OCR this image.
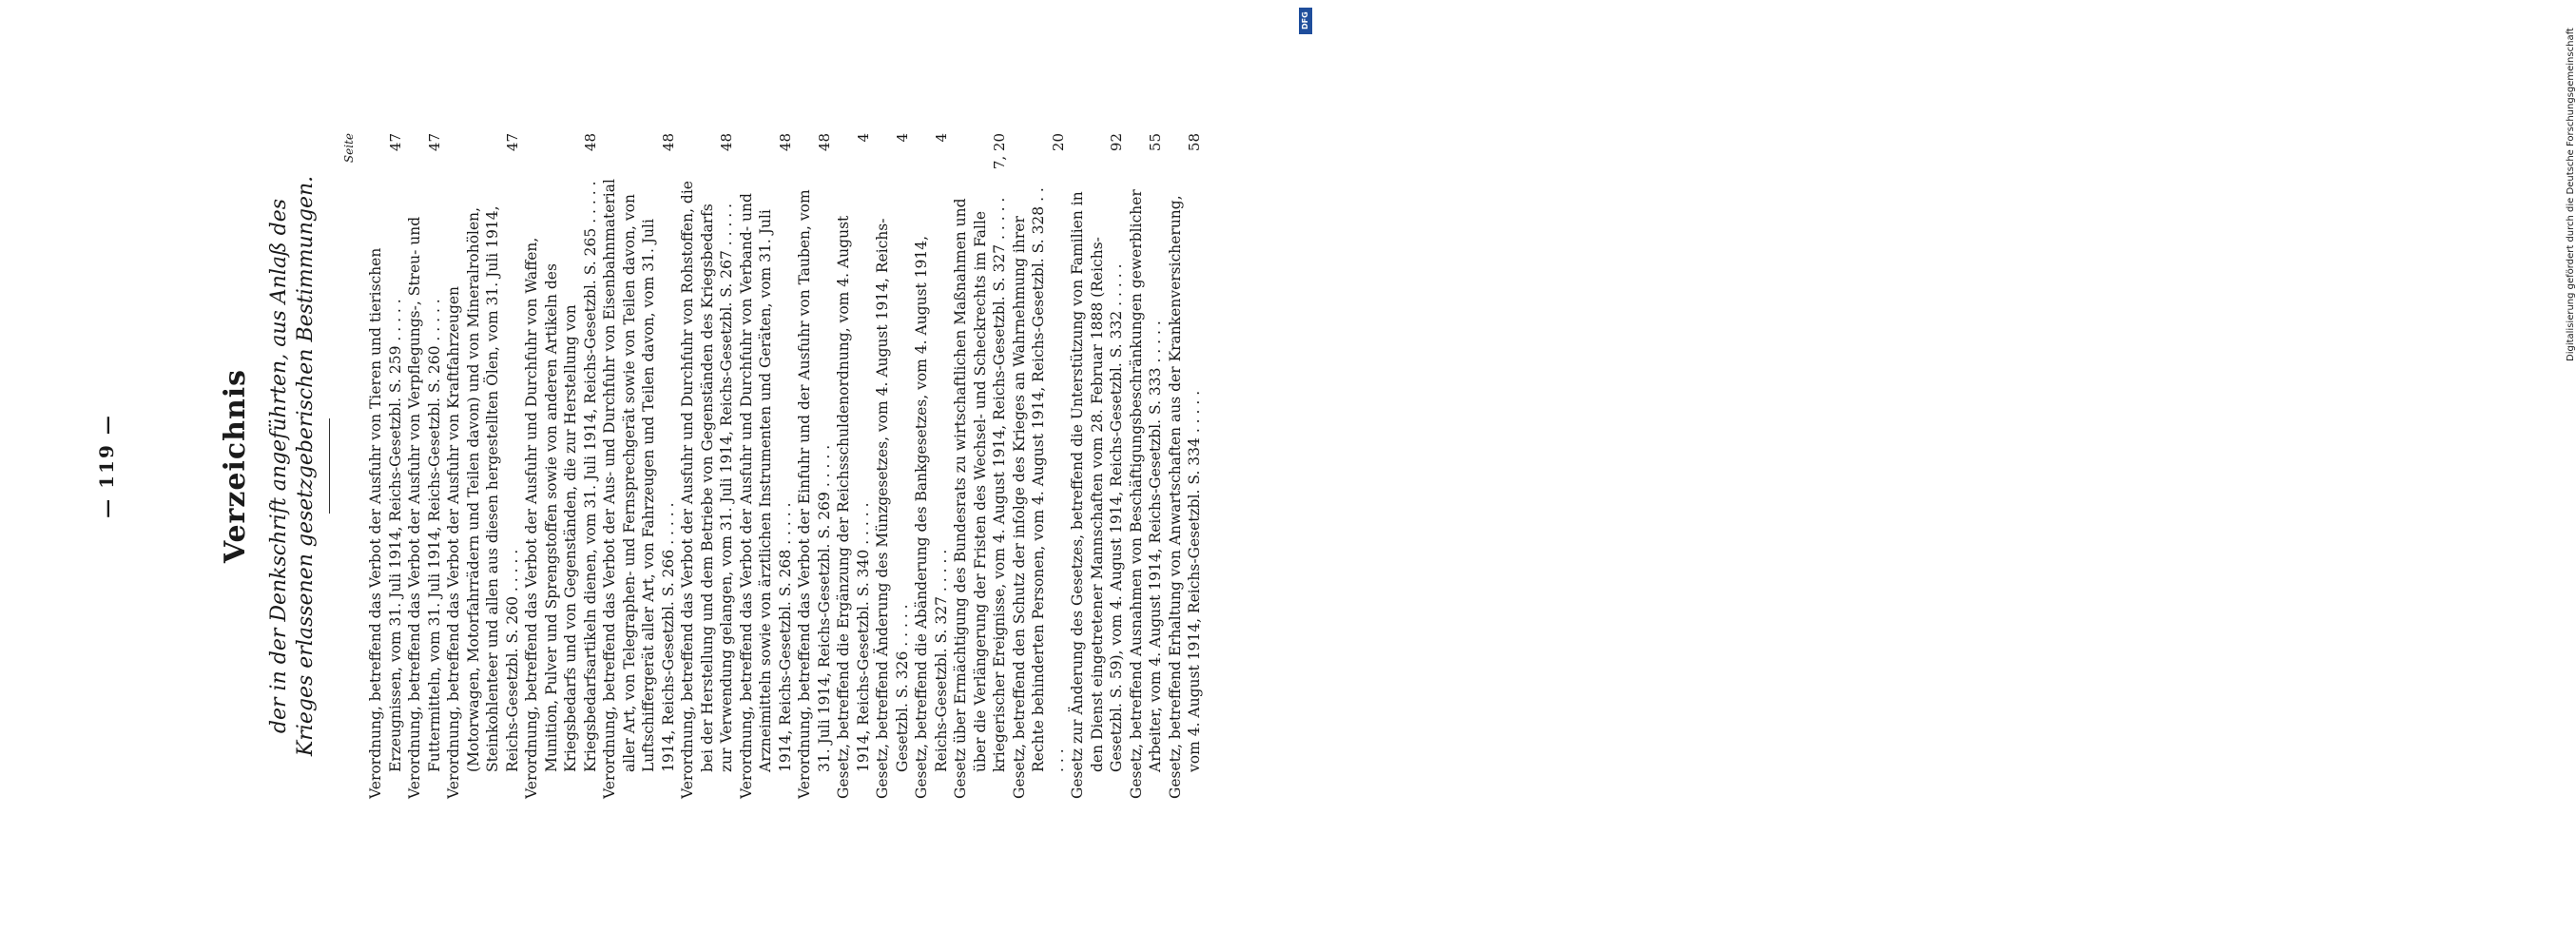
— 119 —	Verzeichnis der in der Denkschrift angeführten, aus Anlaß des Krieges erlassenen gesetzgeberischen Bestimmungen.
Seite
Verordnung, betreffend das Verbot der Ausfuhr von Tieren und tierischen Erzeugnissen, vom 31. Juli 1914, Reichs-Gesetzbl. S. 259 . . . . .
47
Verordnung, betreffend das Verbot der Ausfuhr von Verpflegungs-, Streu- und Futtermitteln, vom 31. Juli 1914, Reichs-Gesetzbl. S. 260 . . . . .
47
Verordnung, betreffend das Verbot der Ausfuhr von Kraftfahrzeugen (Motorwagen, Motorfahrrädern und Teilen davon) und von Mineralrohölen, Steinkohlenteer und allen aus diesen hergestellten Ölen, vom 31. Juli 1914, Reichs-Gesetzbl. S. 260 . . . . .
47
Verordnung, betreffend das Verbot der Ausfuhr und Durchfuhr von Waffen, Munition, Pulver und Sprengstoffen sowie von anderen Artikeln des Kriegsbedarfs und von Gegenständen, die zur Herstellung von Kriegsbedarfsartikeln dienen, vom 31. Juli 1914, Reichs-Gesetzbl. S. 265 . . . . .
48
Verordnung, betreffend das Verbot der Aus- und Durchfuhr von Eisenbahnmaterial aller Art, von Telegraphen- und Fernsprechgerät sowie von Teilen davon, von Luftschiffergerät aller Art, von Fahrzeugen und Teilen davon, vom 31. Juli 1914, Reichs-Gesetzbl. S. 266 . . . . .
48
Verordnung, betreffend das Verbot der Ausfuhr und Durchfuhr von Rohstoffen, die bei der Herstellung und dem Betriebe von Gegenständen des Kriegsbedarfs zur Verwendung gelangen, vom 31. Juli 1914, Reichs-Gesetzbl. S. 267 . . . . .
48
Verordnung, betreffend das Verbot der Ausfuhr und Durchfuhr von Verband- und Arzneimitteln sowie von ärztlichen Instrumenten und Geräten, vom 31. Juli 1914, Reichs-Gesetzbl. S. 268 . . . . .
48
Verordnung, betreffend das Verbot der Einfuhr und der Ausfuhr von Tauben, vom 31. Juli 1914, Reichs-Gesetzbl. S. 269 . . . . .
48
Gesetz, betreffend die Ergänzung der Reichsschuldenordnung, vom 4. August 1914, Reichs-Gesetzbl. S. 340 . . . . .
4
Gesetz, betreffend Änderung des Münzgesetzes, vom 4. August 1914, Reichs-Gesetzbl. S. 326 . . . . .
4
Gesetz, betreffend die Abänderung des Bankgesetzes, vom 4. August 1914, Reichs-Gesetzbl. S. 327 . . . . .
4
Gesetz über Ermächtigung des Bundesrats zu wirtschaftlichen Maßnahmen und über die Verlängerung der Fristen des Wechsel- und Scheckrechts im Falle kriegerischer Ereignisse, vom 4. August 1914, Reichs-Gesetzbl. S. 327 . . . . .
7, 20
Gesetz, betreffend den Schutz der infolge des Krieges an Wahrnehmung ihrer Rechte behinderten Personen, vom 4. August 1914, Reichs-Gesetzbl. S. 328 . . . . .
20
Gesetz zur Änderung des Gesetzes, betreffend die Unterstützung von Familien in den Dienst eingetretener Mannschaften vom 28. Februar 1888 (Reichs-Gesetzbl. S. 59), vom 4. August 1914, Reichs-Gesetzbl. S. 332 . . . . .
92
Gesetz, betreffend Ausnahmen von Beschäftigungsbeschränkungen gewerblicher Arbeiter, vom 4. August 1914, Reichs-Gesetzbl. S. 333 . . . . .
55
Gesetz, betreffend Erhaltung von Anwartschaften aus der Krankenversicherung, vom 4. August 1914, Reichs-Gesetzbl. S. 334 . . . . .
58
DFG
Digitalisierung gefördert durch die Deutsche Forschungsgemeinschaft
